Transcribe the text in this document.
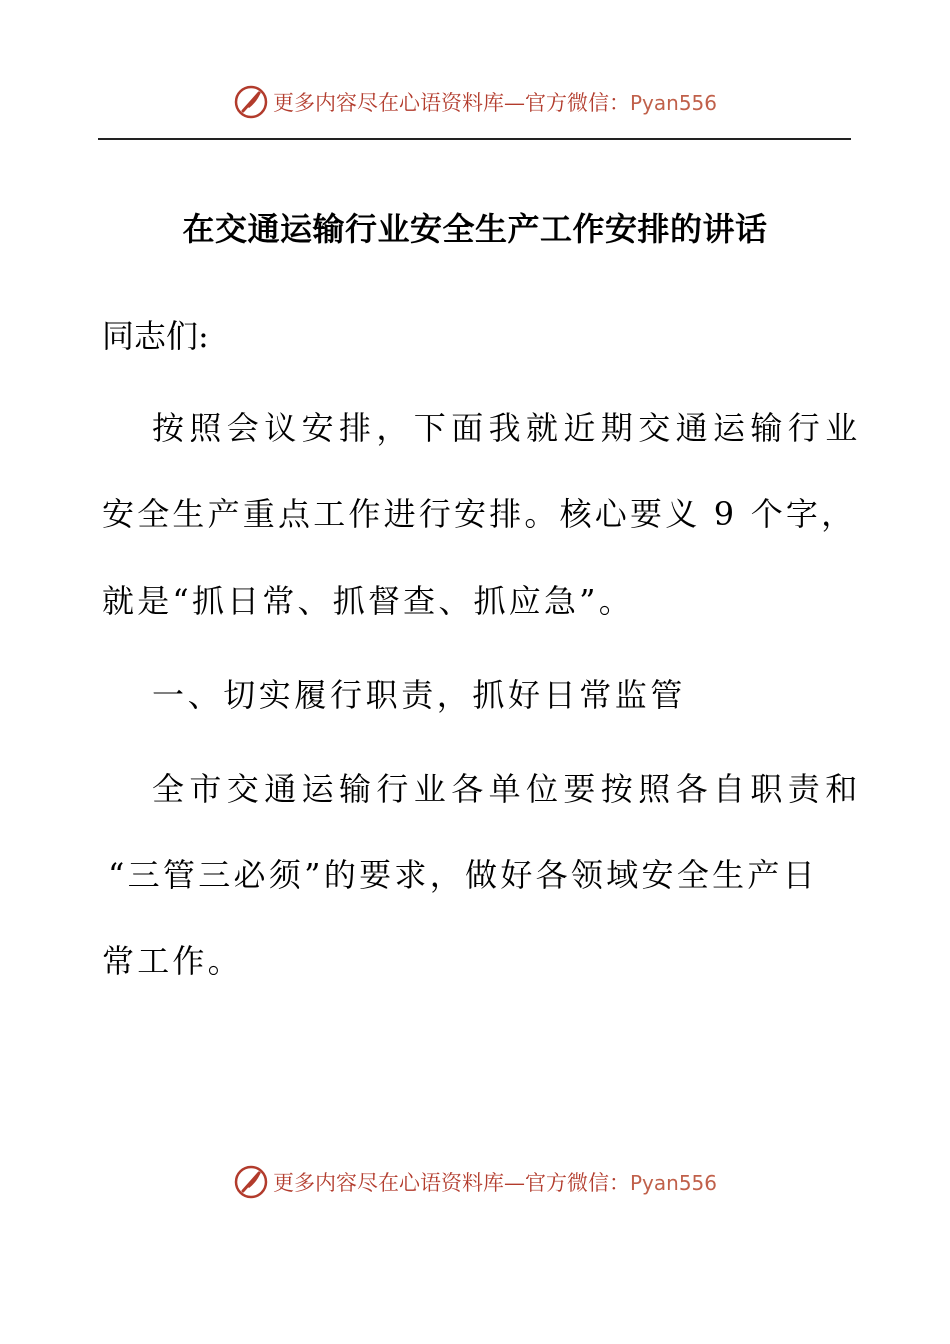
更多内容尽在心语资料库—官方微信：Pyan556
在交通运输行业安全生产工作安排的讲话
同志们:
按照会议安排，下面我就近期交通运输行业
安全生产重点工作进行安排。核心要义 9 个字，
就是“抓日常、抓督查、抓应急”。
一、切实履行职责，抓好日常监管
全市交通运输行业各单位要按照各自职责和
“三管三必须”的要求，做好各领域安全生产日
常工作。
更多内容尽在心语资料库—官方微信：Pyan556
